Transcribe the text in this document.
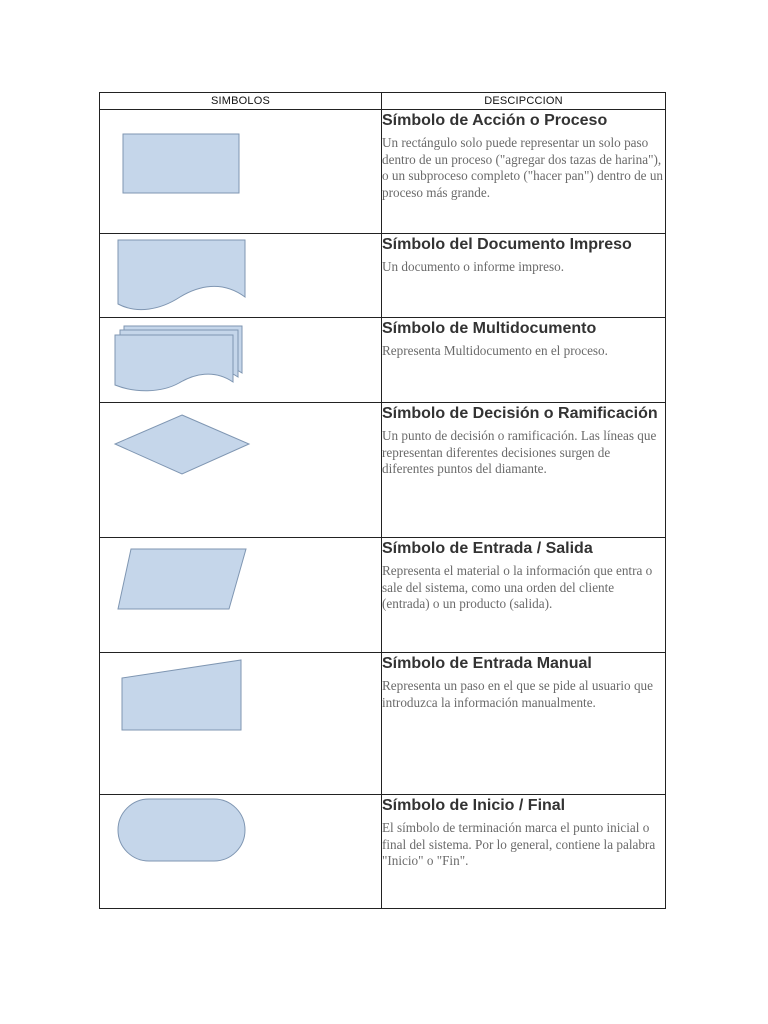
SIMBOLOS	DESCIPCCION

Símbolo de Acción o Proceso
Un rectángulo solo puede representar un solo paso dentro de un proceso ("agregar dos tazas de harina"), o un subproceso completo ("hacer pan") dentro de un proceso más grande.

Símbolo del Documento Impreso
Un documento o informe impreso.

Símbolo de Multidocumento
Representa Multidocumento en el proceso.

Símbolo de Decisión o Ramificación
Un punto de decisión o ramificación. Las líneas que representan diferentes decisiones surgen de diferentes puntos del diamante.

Símbolo de Entrada / Salida
Representa el material o la información que entra o sale del sistema, como una orden del cliente (entrada) o un producto (salida).

Símbolo de Entrada Manual
Representa un paso en el que se pide al usuario que introduzca la información manualmente.

Símbolo de Inicio / Final
El símbolo de terminación marca el punto inicial o final del sistema. Por lo general, contiene la palabra "Inicio" o "Fin".
